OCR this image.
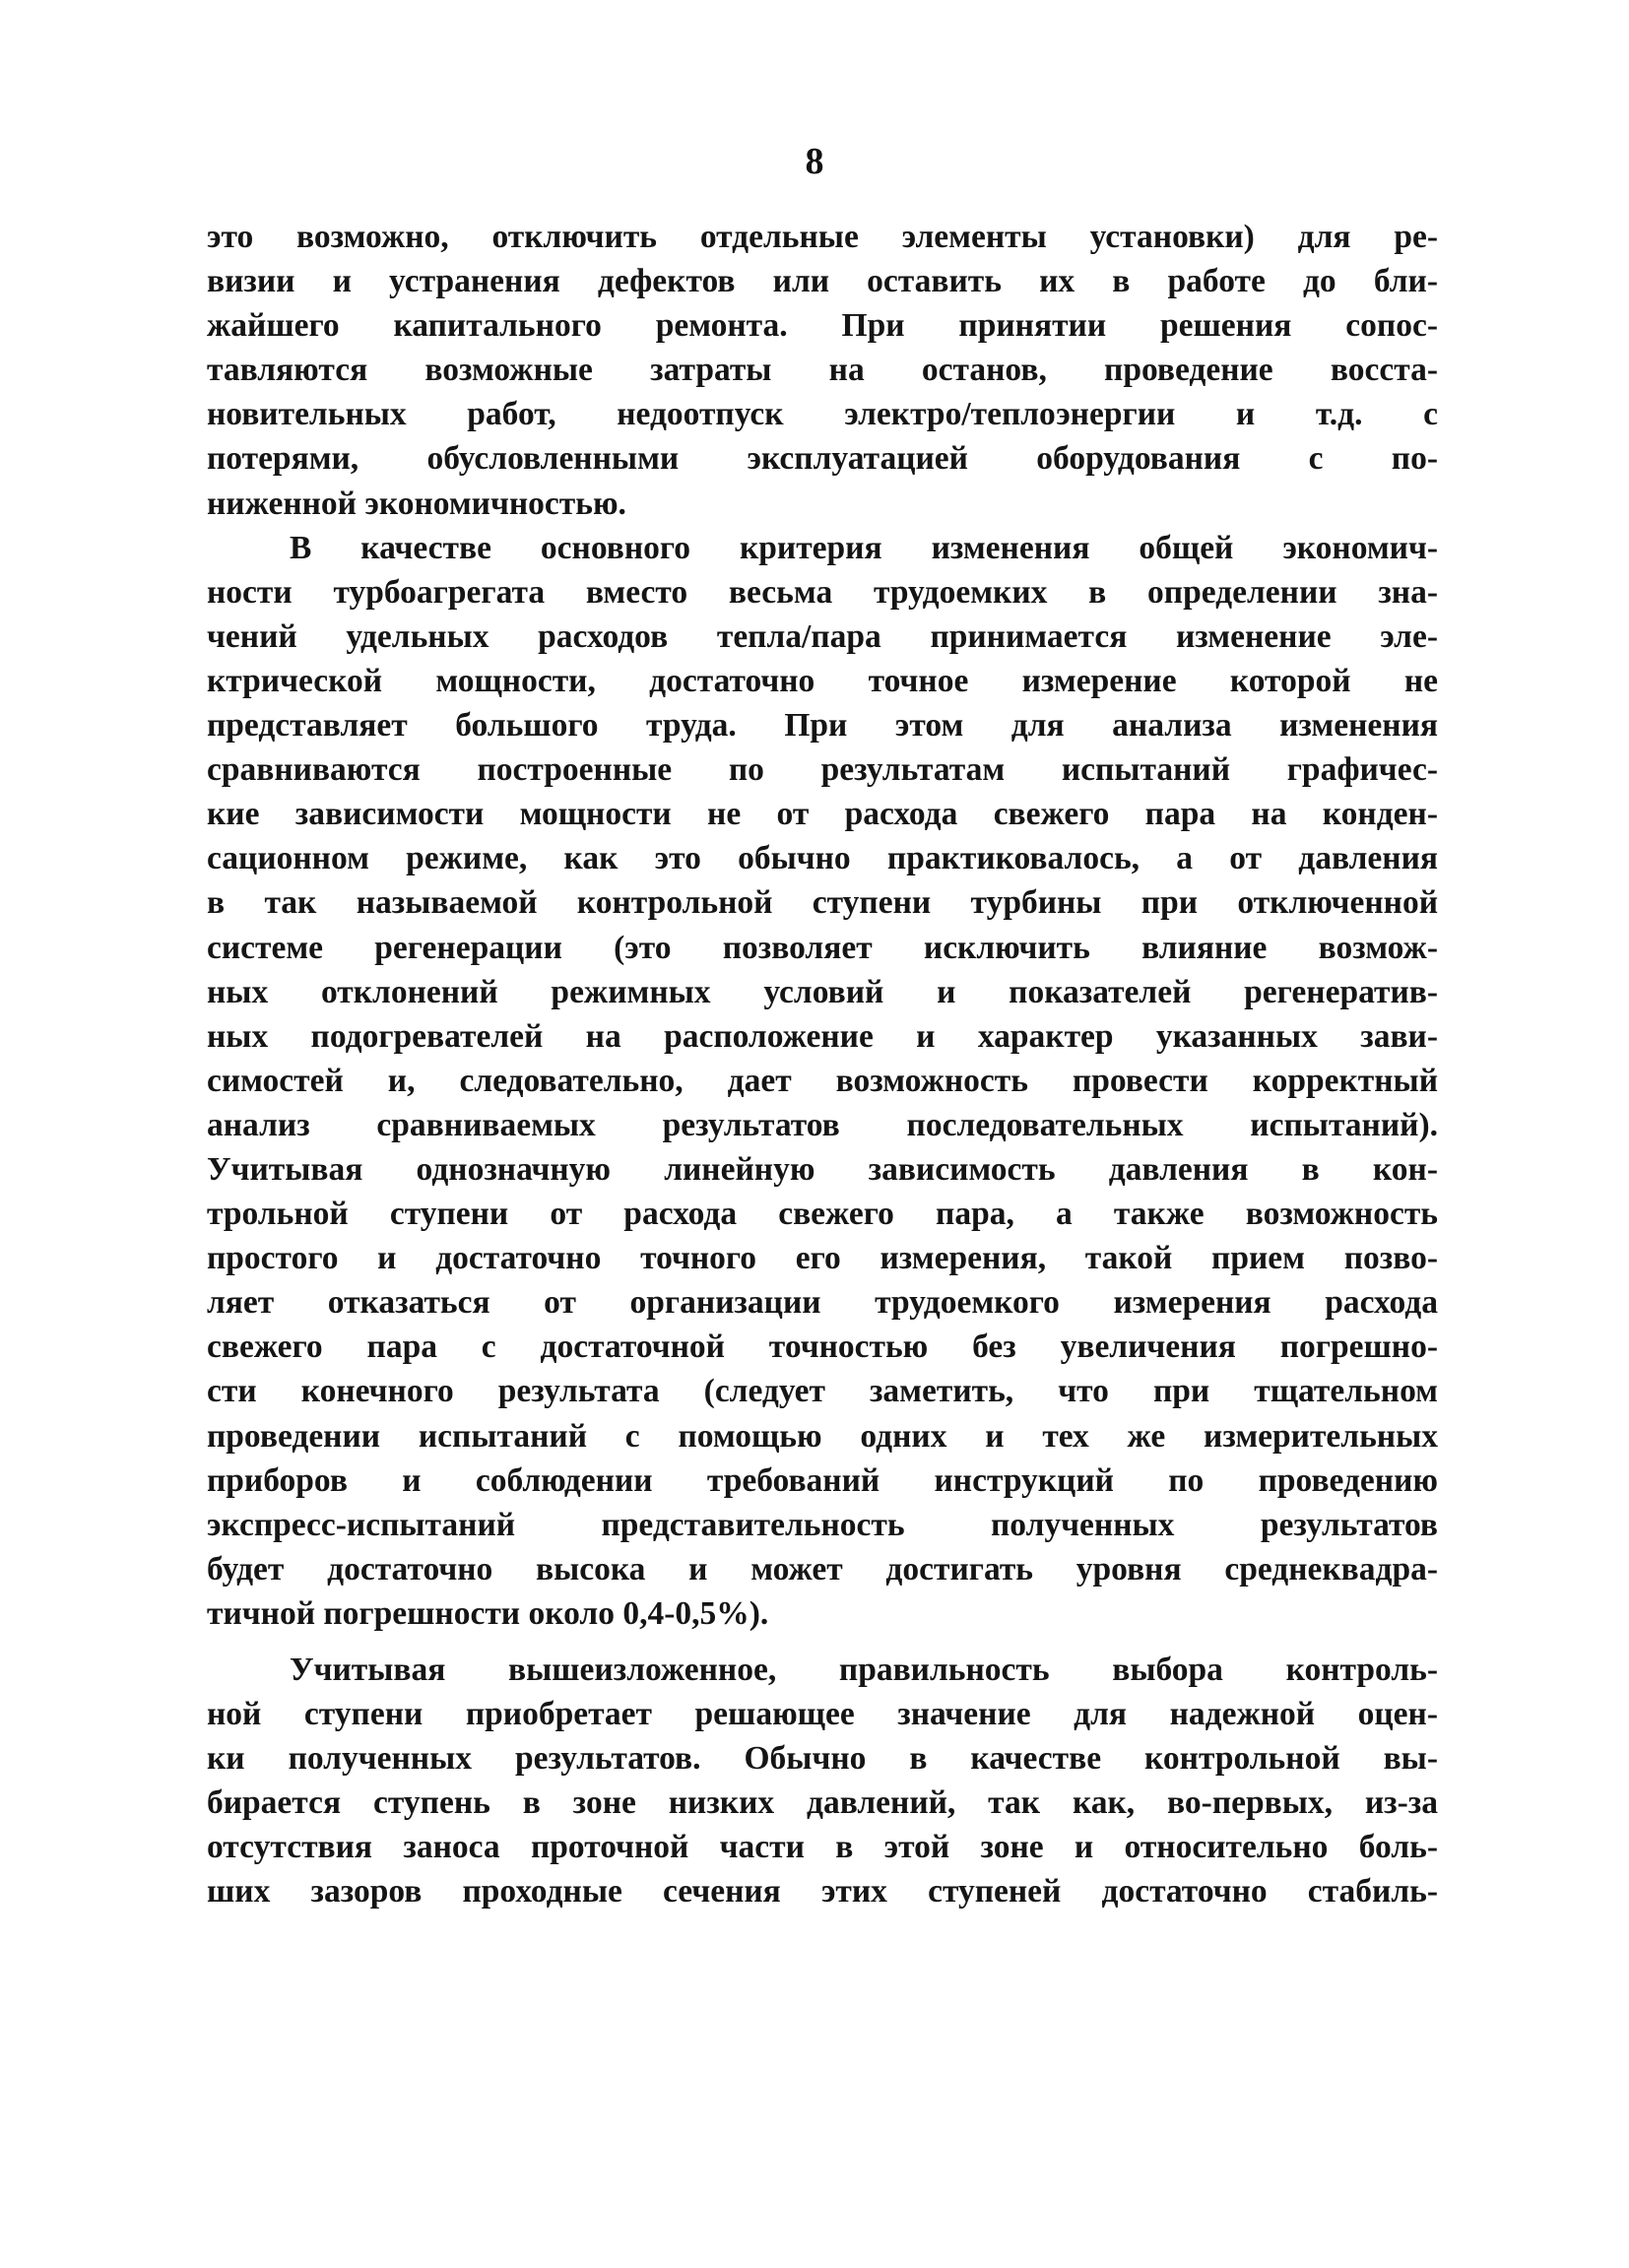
8
это возможно, отключить отдельные элементы установки) для ре-
визии и устранения дефектов или оставить их в работе до бли-
жайшего капитального ремонта. При принятии решения сопос-
тавляются возможные затраты на останов, проведение восста-
новительных работ, недоотпуск электро/теплоэнергии и т.д. с
потерями, обусловленными эксплуатацией оборудования с по-
ниженной экономичностью.
В качестве основного критерия изменения общей экономич-
ности турбоагрегата вместо весьма трудоемких в определении зна-
чений удельных расходов тепла/пара принимается изменение эле-
ктрической мощности, достаточно точное измерение которой не
представляет большого труда. При этом для анализа изменения
сравниваются построенные по результатам испытаний графичес-
кие зависимости мощности не от расхода свежего пара на конден-
сационном режиме, как это обычно практиковалось, а от давления
в так называемой контрольной ступени турбины при отключенной
системе регенерации (это позволяет исключить влияние возмож-
ных отклонений режимных условий и показателей регенератив-
ных подогревателей на расположение и характер указанных зави-
симостей и, следовательно, дает возможность провести корректный
анализ сравниваемых результатов последовательных испытаний).
Учитывая однозначную линейную зависимость давления в кон-
трольной ступени от расхода свежего пара, а также возможность
простого и достаточно точного его измерения, такой прием позво-
ляет отказаться от организации трудоемкого измерения расхода
свежего пара с достаточной точностью без увеличения погрешно-
сти конечного результата (следует заметить, что при тщательном
проведении испытаний с помощью одних и тех же измерительных
приборов и соблюдении требований инструкций по проведению
экспресс-испытаний представительность полученных результатов
будет достаточно высока и может достигать уровня среднеквадра-
тичной погрешности около 0,4-0,5%).
Учитывая вышеизложенное, правильность выбора контроль-
ной ступени приобретает решающее значение для надежной оцен-
ки полученных результатов. Обычно в качестве контрольной вы-
бирается ступень в зоне низких давлений, так как, во-первых, из-за
отсутствия заноса проточной части в этой зоне и относительно боль-
ших зазоров проходные сечения этих ступеней достаточно стабиль-
